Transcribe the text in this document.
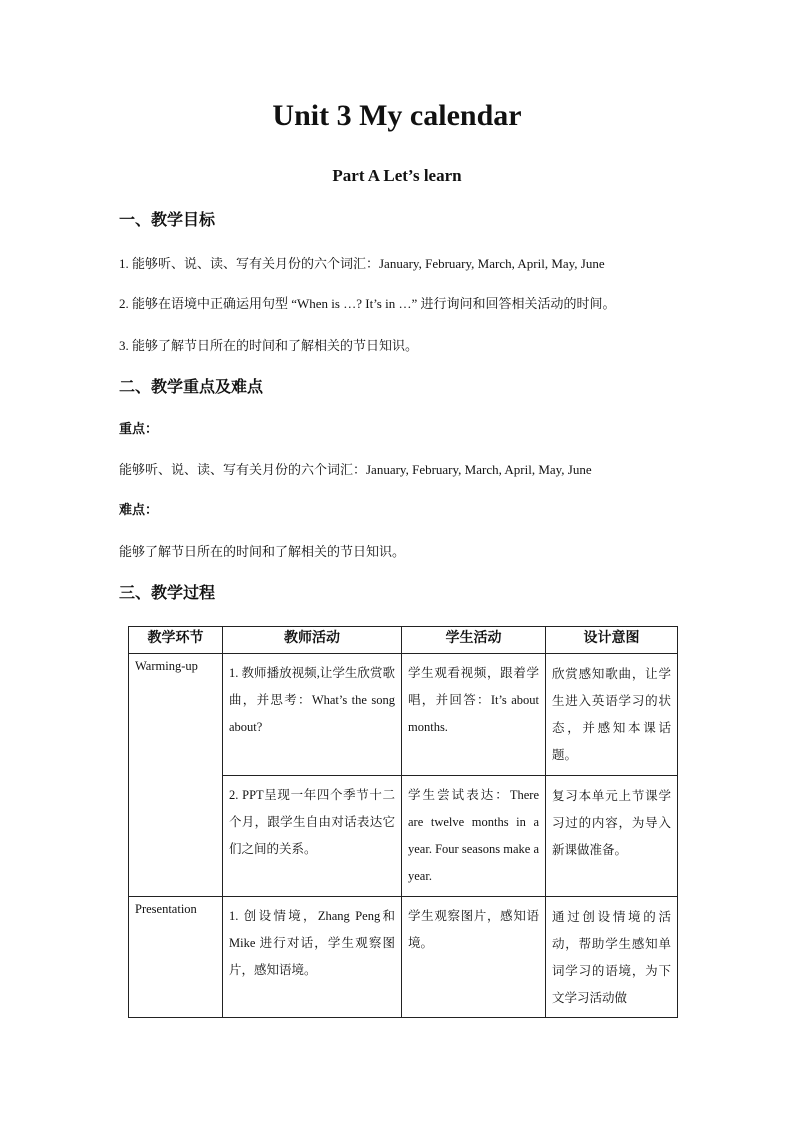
Unit 3 My calendar
Part A Let’s learn
一、教学目标

1. 能够听、说、读、写有关月份的六个词汇：January, February, March, April, May, June

2. 能够在语境中正确运用句型 “When is …? It’s in …” 进行询问和回答相关活动的时间。

3. 能够了解节日所在的时间和了解相关的节日知识。

二、教学重点及难点

重点：

能够听、说、读、写有关月份的六个词汇：January, February, March, April, May, June

难点：

能够了解节日所在的时间和了解相关的节日知识。

三、教学过程
教学环节	教师活动	学生活动	设计意图
Warming-up	1. 教师播放视频,让学生欣赏歌曲，并思考：What’s the song about?	学生观看视频，跟着学唱，并回答：It’s about months.	欣赏感知歌曲，让学生进入英语学习的状态，并感知本课话题。
	2. PPT呈现一年四个季节十二个月，跟学生自由对话表达它们之间的关系。	学生尝试表达：There are twelve months in a year. Four seasons make a year.	复习本单元上节课学习过的内容，为导入新课做准备。
Presentation	1. 创设情境，Zhang Peng和 Mike 进行对话，学生观察图片，感知语境。	学生观察图片，感知语境。	通过创设情境的活动，帮助学生感知单词学习的语境，为下文学习活动做
